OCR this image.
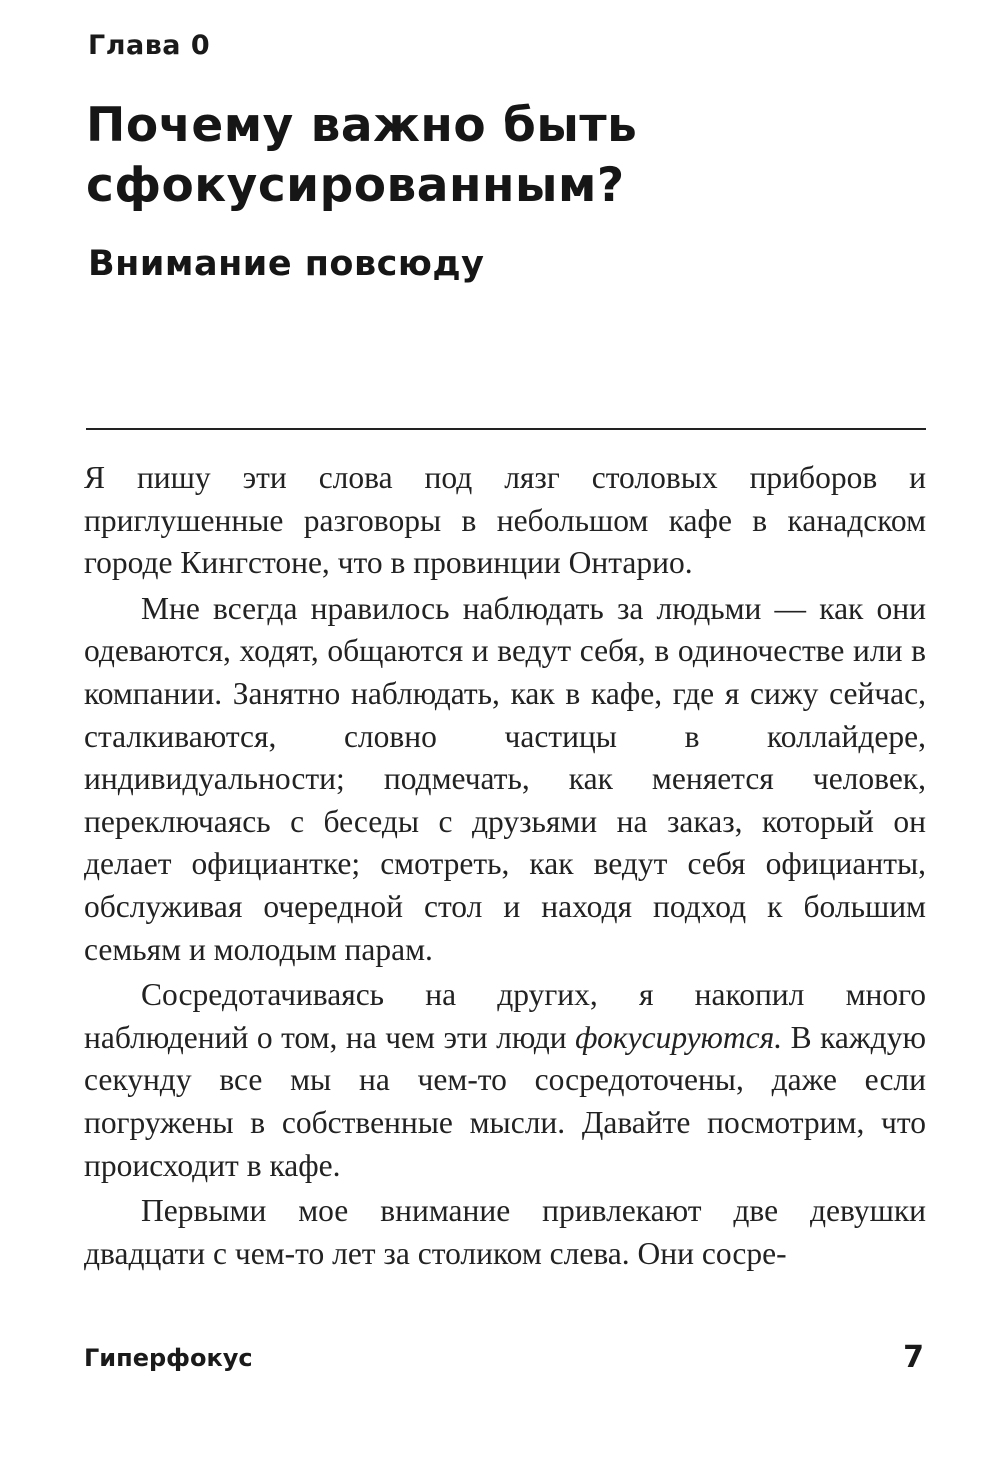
Глава 0
Почему важно быть сфокусированным?
Внимание повсюду

Я пишу эти слова под лязг столовых приборов и приглушенные разговоры в небольшом кафе в канадском городе Кингстоне, что в провинции Онтарио.

Мне всегда нравилось наблюдать за людьми — как они одеваются, ходят, общаются и ведут себя, в одиночестве или в компании. Занятно наблюдать, как в кафе, где я сижу сейчас, сталкиваются, словно частицы в коллайдере, индивидуальности; подмечать, как меняется человек, переключаясь с беседы с друзьями на заказ, который он делает официантке; смотреть, как ведут себя официанты, обслуживая очередной стол и находя подход к большим семьям и молодым парам.

Сосредотачиваясь на других, я накопил много наблюдений о том, на чем эти люди фокусируются. В каждую секунду все мы на чем-то сосредоточены, даже если погружены в собственные мысли. Давайте посмотрим, что происходит в кафе.

Первыми мое внимание привлекают две девушки двадцати с чем-то лет за столиком слева. Они сосре-

Гиперфокус	7
